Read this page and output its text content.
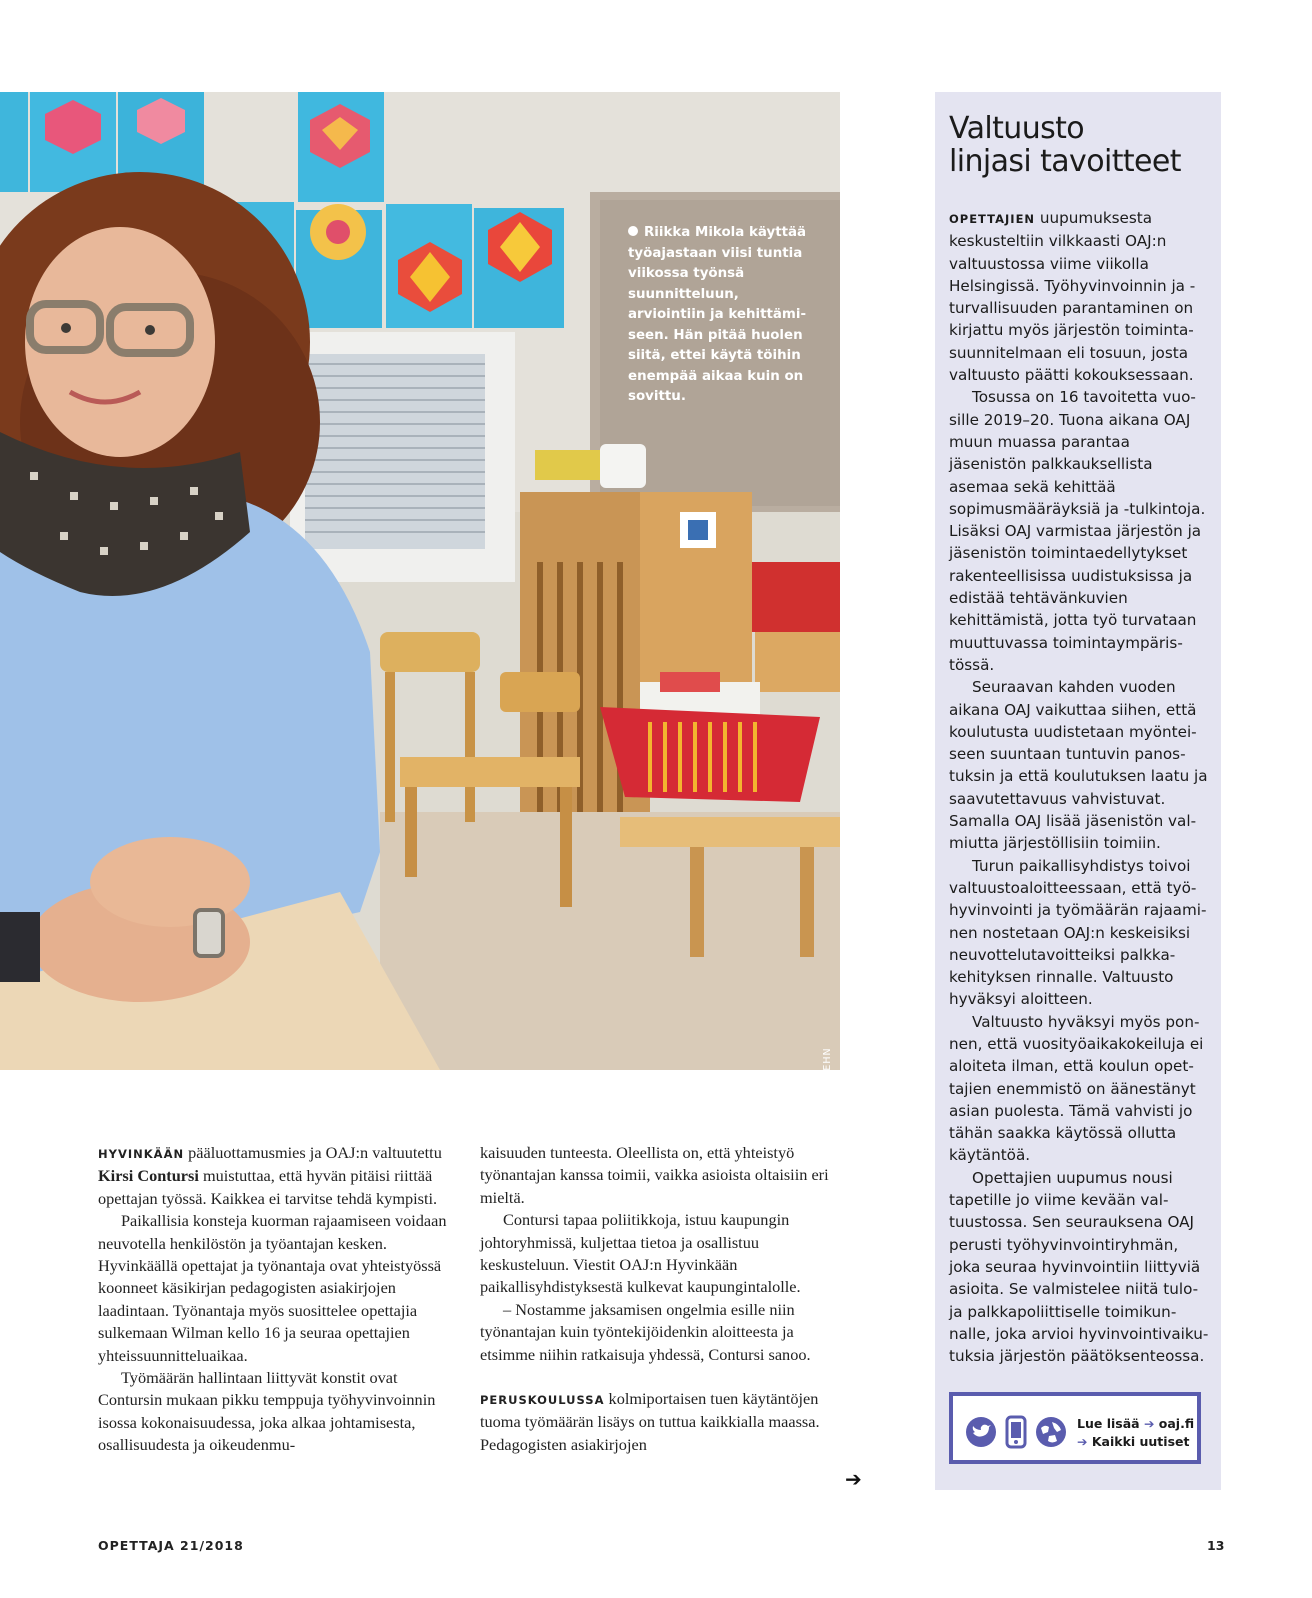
Riikka Mikola käyttää työajastaan viisi tuntia viikossa työnsä suunnitteluun, arviointiin ja kehittämiseen. Hän pitää huolen siitä, ettei käytä töihin enempää aikaa kuin on sovittu.

JOHANNES WIEHN

HYVINKÄÄN pääluottamusmies ja OAJ:n valtuutettu Kirsi Contursi muistuttaa, että hyvän pitäisi riittää opettajan työssä. Kaikkea ei tarvitse tehdä kympisti.

Paikallisia konsteja kuorman rajaamiseen voidaan neuvotella henkilöstön ja työantajan kesken. Hyvinkäällä opettajat ja työnantaja ovat yhteistyössä koonneet käsikirjan pedagogisten asiakirjojen laadintaan. Työnantaja myös suosittelee opettajia sulkemaan Wilman kello 16 ja seuraa opettajien yhteissuunnitteluaikaa.

Työmäärän hallintaan liittyvät konstit ovat Contursin mukaan pikku temppuja työhyvinvoinnin isossa kokonaisuudessa, joka alkaa johtamisesta, osallisuudesta ja oikeudenmu-

kaisuuden tunteesta. Oleellista on, että yhteistyö työnantajan kanssa toimii, vaikka asioista oltaisiin eri mieltä.

Contursi tapaa poliitikkoja, istuu kaupungin johtoryhmissä, kuljettaa tietoa ja osallistuu keskusteluun. Viestit OAJ:n Hyvinkään paikallisyhdistyksestä kulkevat kaupungintalolle.

– Nostamme jaksamisen ongelmia esille niin työnantajan kuin työntekijöidenkin aloitteesta ja etsimme niihin ratkaisuja yhdessä, Contursi sanoo.

PERUSKOULUSSA kolmiportaisen tuen käytäntöjen tuoma työmäärän lisäys on tuttua kaikkialla maassa. Pedagogisten asiakirjojen

➔
Valtuusto
linjasi tavoitteet

OPETTAJIEN uupumuksesta keskusteltiin vilkkaasti OAJ:n valtuustossa viime viikolla Helsingissä. Työhyvinvoinnin ja -turvallisuuden parantaminen on kirjattu myös järjestön toimintasuunnitelmaan eli tosuun, josta valtuusto päätti kokouksessaan.

Tosussa on 16 tavoitetta vuosille 2019–20. Tuona aikana OAJ muun muassa parantaa jäsenistön palkkauksellista asemaa sekä kehittää sopimusmääräyksiä ja -tulkintoja. Lisäksi OAJ varmistaa järjestön ja jäsenistön toimintaedellytykset rakenteellisissa uudistuksissa ja edistää tehtävänkuvien kehittämistä, jotta työ turvataan muuttuvassa toimintaympäristössä.

Seuraavan kahden vuoden aikana OAJ vaikuttaa siihen, että koulutusta uudistetaan myönteiseen suuntaan tuntuvin panostuksin ja että koulutuksen laatu ja saavutettavuus vahvistuvat. Samalla OAJ lisää jäsenistön valmiutta järjestöllisiin toimiin.

Turun paikallisyhdistys toivoi valtuustoaloitteessaan, että työhyvinvointi ja työmäärän rajaaminen nostetaan OAJ:n keskeisiksi neuvottelutavoitteiksi palkkakehityksen rinnalle. Valtuusto hyväksyi aloitteen.

Valtuusto hyväksyi myös ponnen, että vuosityöaikakokeiluja ei aloiteta ilman, että koulun opettajien enemmistö on äänestänyt asian puolesta. Tämä vahvisti jo tähän saakka käytössä ollutta käytäntöä.

Opettajien uupumus nousi tapetille jo viime kevään valtuustossa. Sen seurauksena OAJ perusti työhyvinvointiryhmän, joka seuraa hyvinvointiin liittyviä asioita. Se valmistelee niitä tulo- ja palkkapoliittiselle toimikunnalle, joka arvioi hyvinvointivaikutuksia järjestön päätöksenteossa.

Lue lisää ➔ oaj.fi
➔ Kaikki uutiset
OPETTAJA 21/2018	13
